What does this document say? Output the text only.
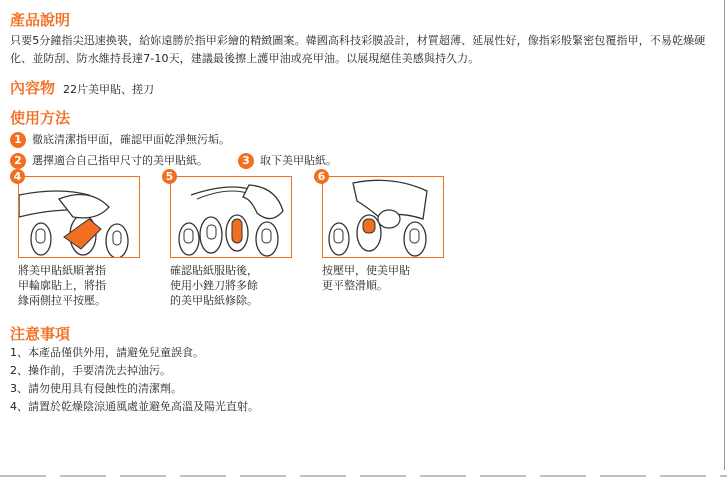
產品說明

只要5分鐘指尖迅速換裝，給妳遠勝於指甲彩繪的精緻圖案。韓國高科技彩膜設計，材質超薄、延展性好，像指彩般緊密包覆指甲，不易乾燥硬化、並防刮、防水維持長達7-10天，建議最後擦上護甲油或亮甲油。以展現絕佳美感與持久力。

內容物 22片美甲貼、搓刀
使用方法
1 徹底清潔指甲面，確認甲面乾淨無污垢。
2 選擇適合自己指甲尺寸的美甲貼紙。	3 取下美甲貼紙。
4
將美甲貼紙順著指
甲輪廓貼上，將指
緣兩側拉平按壓。
5
確認貼紙服貼後，
使用小銼刀將多餘
的美甲貼紙修除。
6
按壓甲，使美甲貼
更平整滑順。
注意事項
1、本產品僅供外用，請避免兒童誤食。
2、操作前，手要清洗去掉油污。
3、請勿使用具有侵蝕性的清潔劑。
4、請置於乾燥陰涼通風處並避免高溫及陽光直射。
